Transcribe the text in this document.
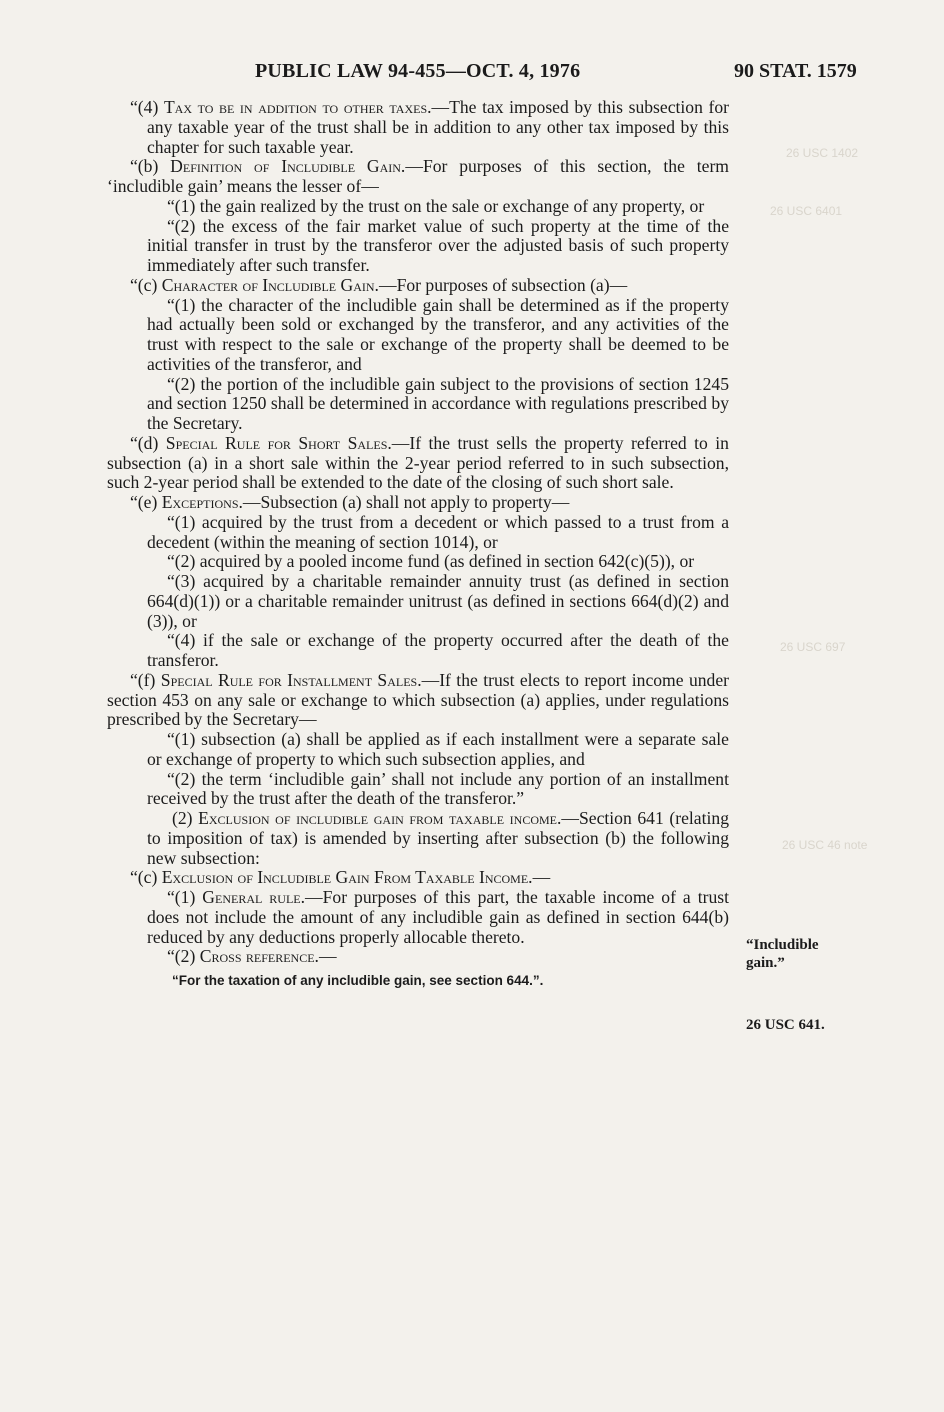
26 USC 1402
26 USC 6401
26 USC 697
26 USC 46 note
PUBLIC LAW 94-455—OCT. 4, 1976	90 STAT. 1579

“(4) Tax to be in addition to other taxes.—The tax imposed by this subsection for any taxable year of the trust shall be in addition to any other tax imposed by this chapter for such taxable year.

“(b) Definition of Includible Gain.—For purposes of this section, the term ‘includible gain’ means the lesser of—

“(1) the gain realized by the trust on the sale or exchange of any property, or

“(2) the excess of the fair market value of such property at the time of the initial transfer in trust by the transferor over the adjusted basis of such property immediately after such transfer.

“(c) Character of Includible Gain.—For purposes of subsection (a)—

“(1) the character of the includible gain shall be determined as if the property had actually been sold or exchanged by the transferor, and any activities of the trust with respect to the sale or exchange of the property shall be deemed to be activities of the transferor, and

“(2) the portion of the includible gain subject to the provisions of section 1245 and section 1250 shall be determined in accordance with regulations prescribed by the Secretary.

“(d) Special Rule for Short Sales.—If the trust sells the property referred to in subsection (a) in a short sale within the 2-year period referred to in such subsection, such 2-year period shall be extended to the date of the closing of such short sale.

“(e) Exceptions.—Subsection (a) shall not apply to property—

“(1) acquired by the trust from a decedent or which passed to a trust from a decedent (within the meaning of section 1014), or

“(2) acquired by a pooled income fund (as defined in section 642(c)(5)), or

“(3) acquired by a charitable remainder annuity trust (as defined in section 664(d)(1)) or a charitable remainder unitrust (as defined in sections 664(d)(2) and (3)), or

“(4) if the sale or exchange of the property occurred after the death of the transferor.

“(f) Special Rule for Installment Sales.—If the trust elects to report income under section 453 on any sale or exchange to which subsection (a) applies, under regulations prescribed by the Secretary—

“(1) subsection (a) shall be applied as if each installment were a separate sale or exchange of property to which such subsection applies, and

“(2) the term ‘includible gain’ shall not include any portion of an installment received by the trust after the death of the transferor.”

(2) Exclusion of includible gain from taxable income.—Section 641 (relating to imposition of tax) is amended by inserting after subsection (b) the following new subsection:

“(c) Exclusion of Includible Gain From Taxable Income.—

“(1) General rule.—For purposes of this part, the taxable income of a trust does not include the amount of any includible gain as defined in section 644(b) reduced by any deductions properly allocable thereto.

“(2) Cross reference.—

“For the taxation of any includible gain, see section 644.”.

“Includible gain.”
26 USC 641.
